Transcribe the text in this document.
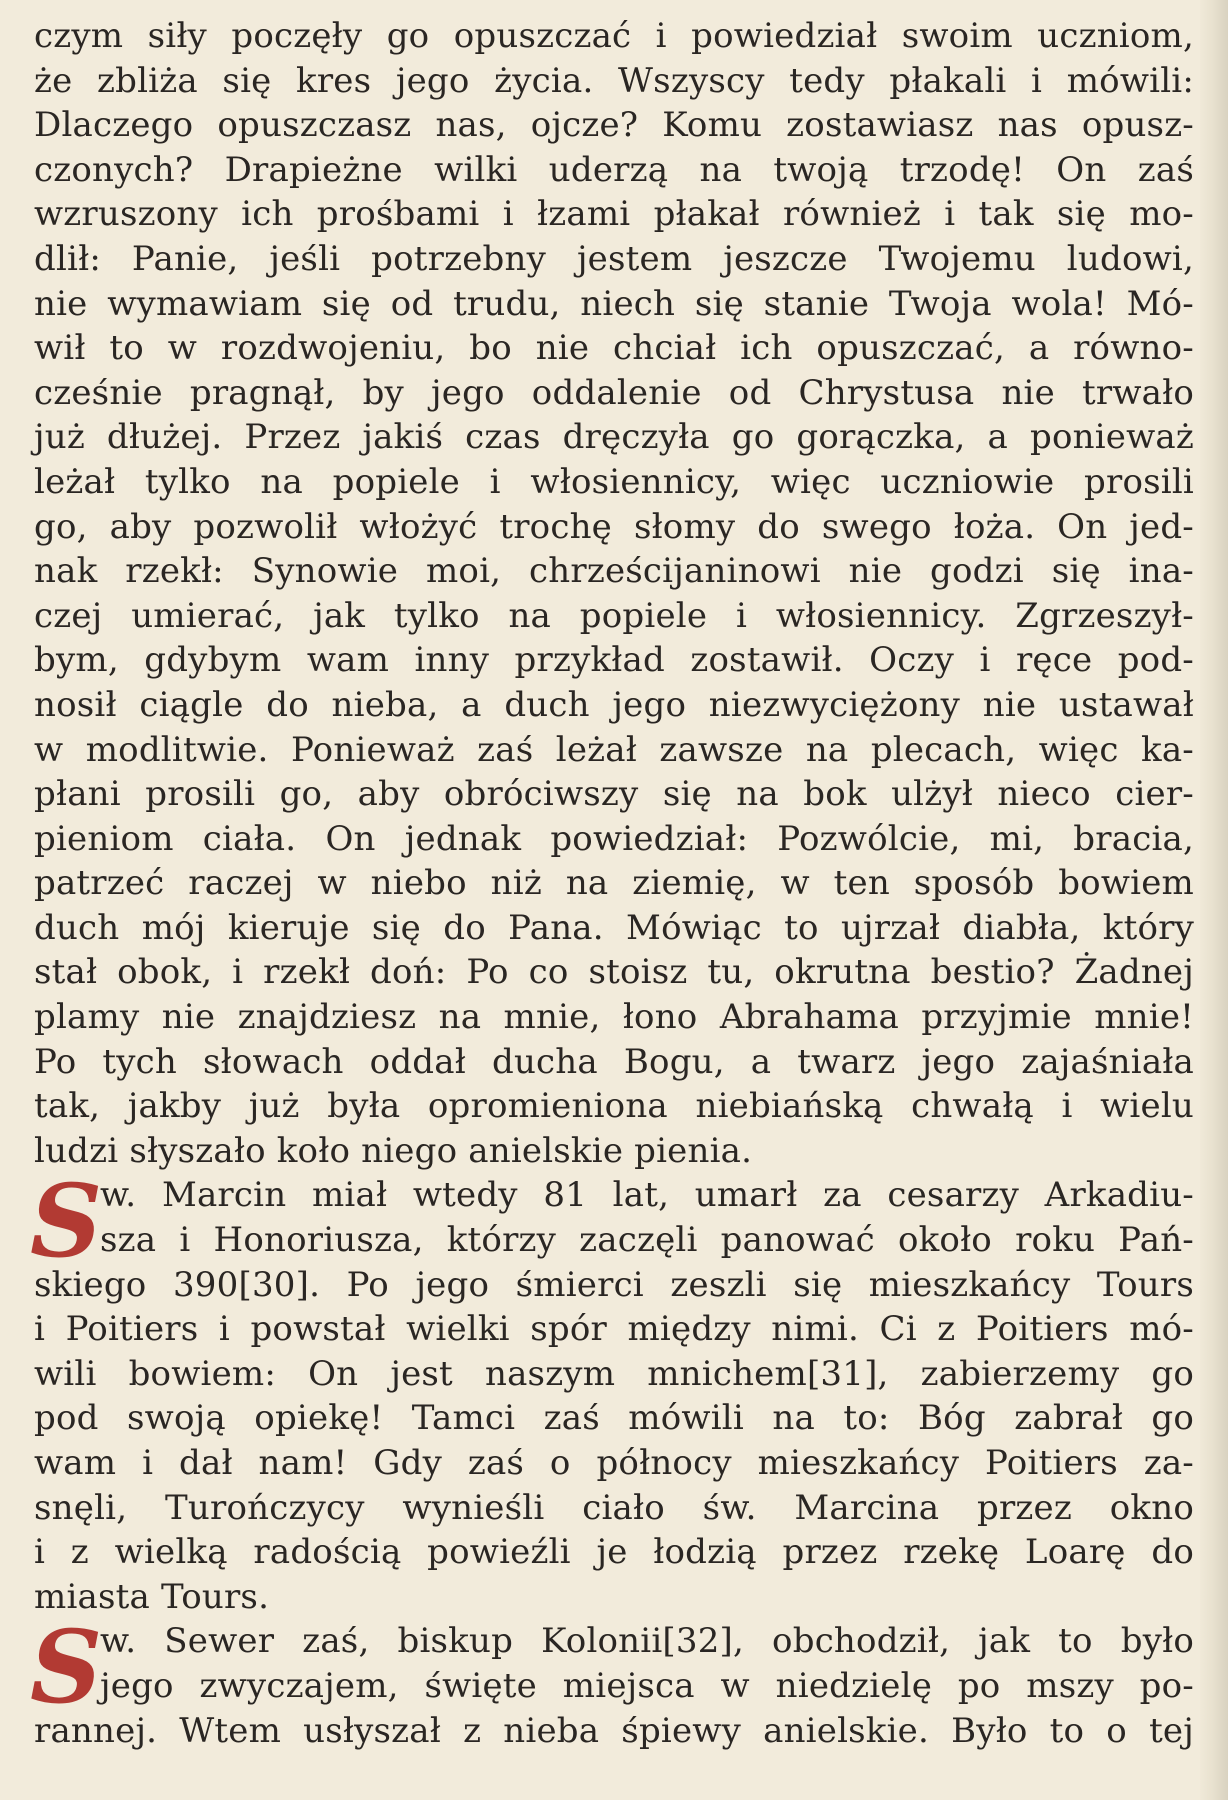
czym siły poczęły go opuszczać i powiedział swoim uczniom,
że zbliża się kres jego życia. Wszyscy tedy płakali i mówili:
Dlaczego opuszczasz nas, ojcze? Komu zostawiasz nas opusz-
czonych? Drapieżne wilki uderzą na twoją trzodę! On zaś
wzruszony ich prośbami i łzami płakał również i tak się mo-
dlił: Panie, jeśli potrzebny jestem jeszcze Twojemu ludowi,
nie wymawiam się od trudu, niech się stanie Twoja wola! Mó-
wił to w rozdwojeniu, bo nie chciał ich opuszczać, a równo-
cześnie pragnął, by jego oddalenie od Chrystusa nie trwało
już dłużej. Przez jakiś czas dręczyła go gorączka, a ponieważ
leżał tylko na popiele i włosiennicy, więc uczniowie prosili
go, aby pozwolił włożyć trochę słomy do swego łoża. On jed-
nak rzekł: Synowie moi, chrześcijaninowi nie godzi się ina-
czej umierać, jak tylko na popiele i włosiennicy. Zgrzeszył-
bym, gdybym wam inny przykład zostawił. Oczy i ręce pod-
nosił ciągle do nieba, a duch jego niezwyciężony nie ustawał
w modlitwie. Ponieważ zaś leżał zawsze na plecach, więc ka-
płani prosili go, aby obróciwszy się na bok ulżył nieco cier-
pieniom ciała. On jednak powiedział: Pozwólcie, mi, bracia,
patrzeć raczej w niebo niż na ziemię, w ten sposób bowiem
duch mój kieruje się do Pana. Mówiąc to ujrzał diabła, który
stał obok, i rzekł doń: Po co stoisz tu, okrutna bestio? Żadnej
plamy nie znajdziesz na mnie, łono Abrahama przyjmie mnie!
Po tych słowach oddał ducha Bogu, a twarz jego zajaśniała
tak, jakby już była opromieniona niebiańską chwałą i wielu
ludzi słyszało koło niego anielskie pienia.
S
w. Marcin miał wtedy 81 lat, umarł za cesarzy Arkadiu-
sza i Honoriusza, którzy zaczęli panować około roku Pań-
skiego 390[30]. Po jego śmierci zeszli się mieszkańcy Tours
i Poitiers i powstał wielki spór między nimi. Ci z Poitiers mó-
wili bowiem: On jest naszym mnichem[31], zabierzemy go
pod swoją opiekę! Tamci zaś mówili na to: Bóg zabrał go
wam i dał nam! Gdy zaś o północy mieszkańcy Poitiers za-
snęli, Turończycy wynieśli ciało św. Marcina przez okno
i z wielką radością powieźli je łodzią przez rzekę Loarę do
miasta Tours.
S
w. Sewer zaś, biskup Kolonii[32], obchodził, jak to było
jego zwyczajem, święte miejsca w niedzielę po mszy po-
rannej. Wtem usłyszał z nieba śpiewy anielskie. Było to o tej
